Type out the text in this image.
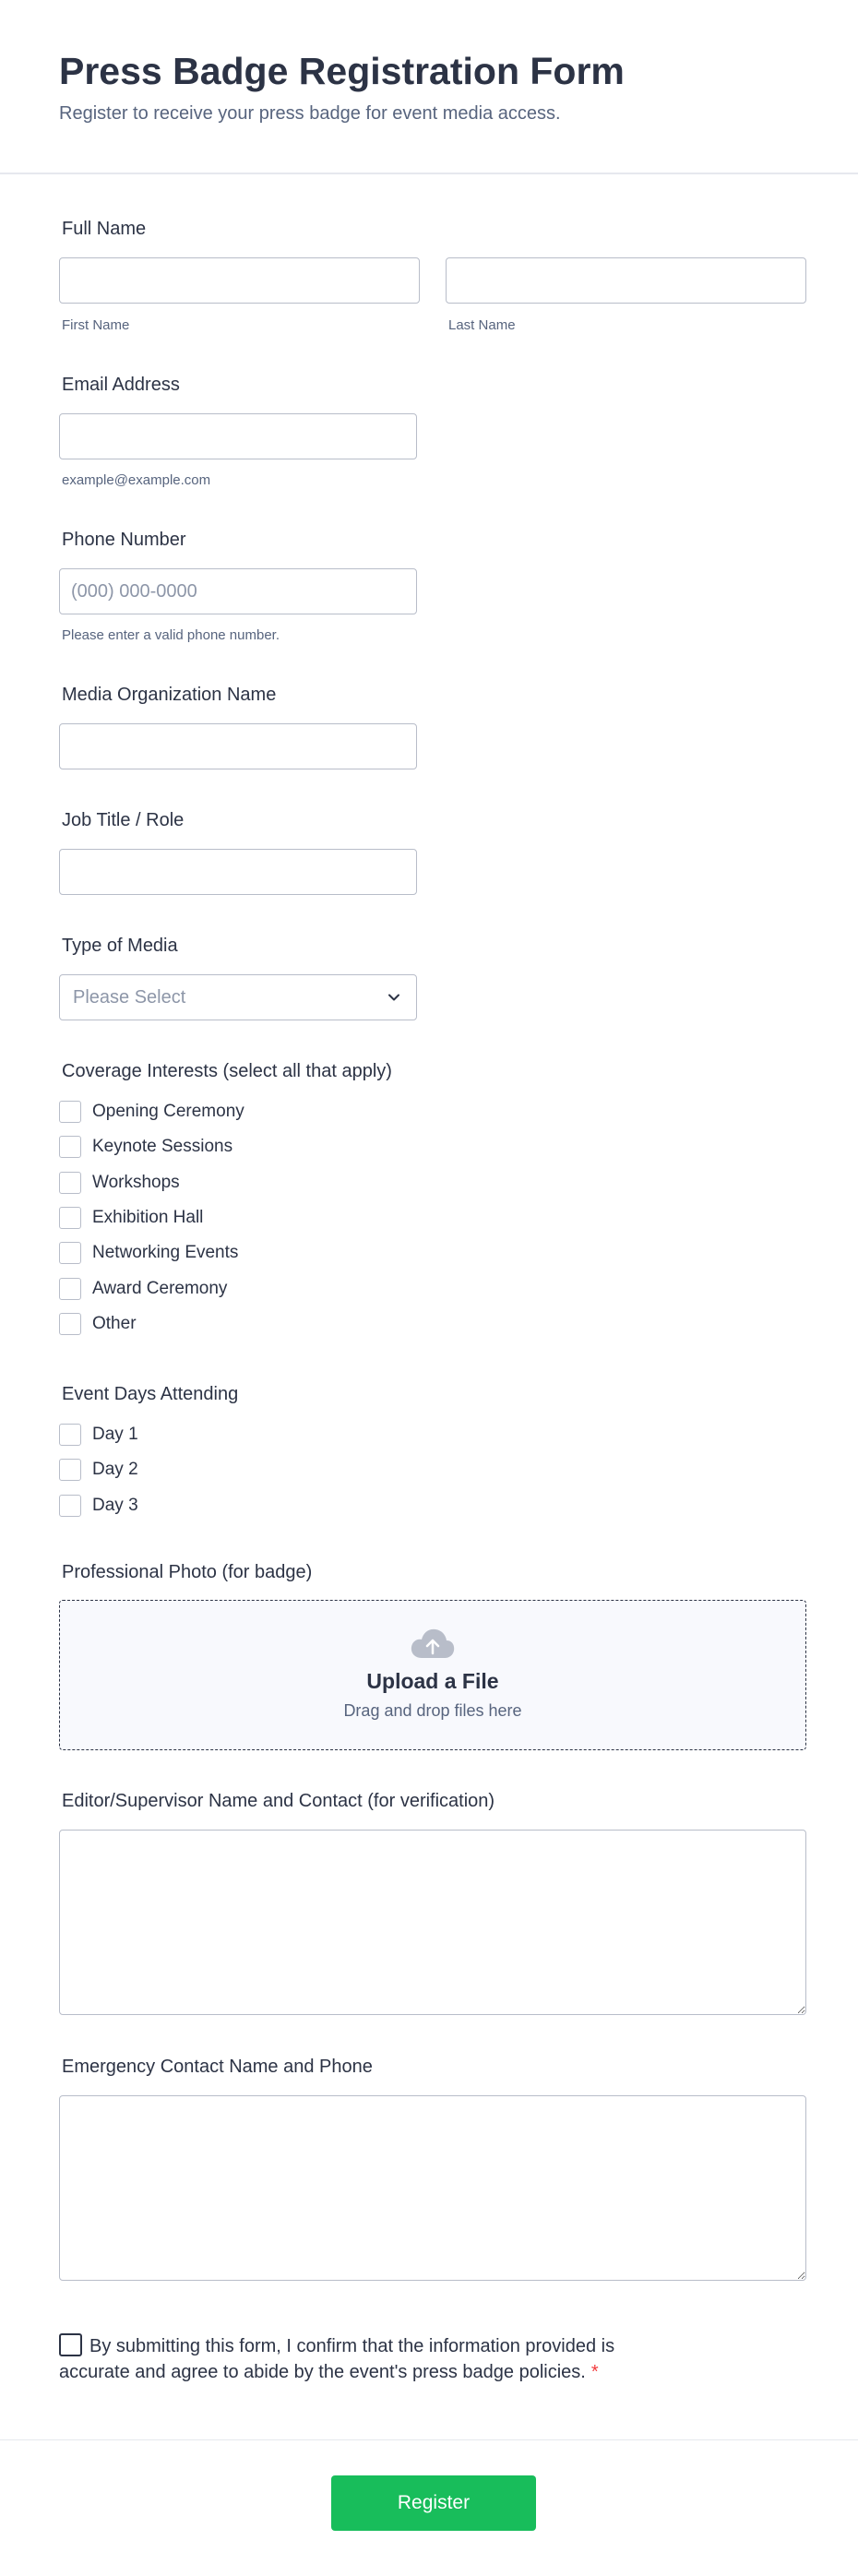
Press Badge Registration Form

Register to receive your press badge for event media access.

Full Name
First Name	Last Name
Email Address
example@example.com
Phone Number
(000) 000-0000
Please enter a valid phone number.
Media Organization Name
Job Title / Role
Type of Media
Please Select
Coverage Interests (select all that apply)
Opening Ceremony
Keynote Sessions
Workshops
Exhibition Hall
Networking Events
Award Ceremony
Other
Event Days Attending
Day 1
Day 2
Day 3
Professional Photo (for badge)
Upload a File
Drag and drop files here
Editor/Supervisor Name and Contact (for verification)
Emergency Contact Name and Phone
By submitting this form, I confirm that the information provided is accurate and agree to abide by the event's press badge policies. *
Register
